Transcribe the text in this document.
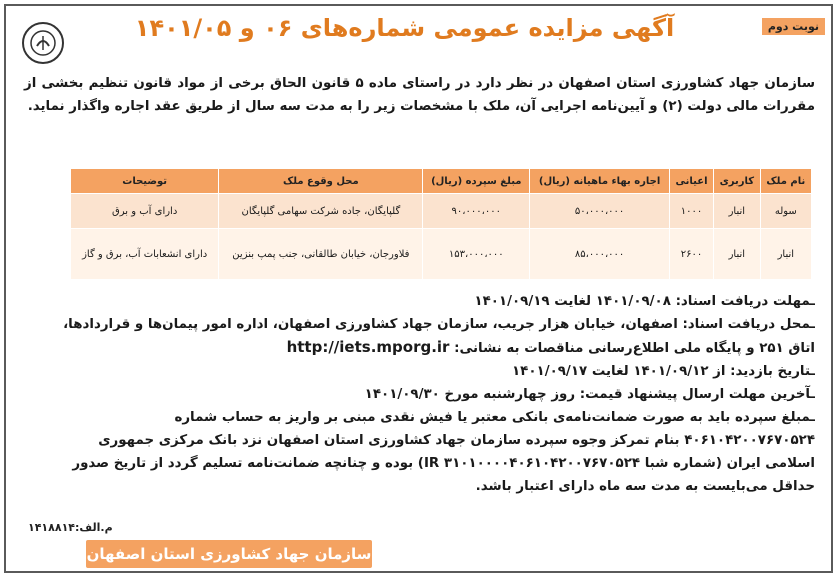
نوبت دوم
آگهی مزایده عمومی شماره‌های ۰۶ و ۱۴۰۱/۰۵
سازمان جهاد کشاورزی استان اصفهان در نظر دارد در راستای ماده ۵ قانون الحاق برخی از مواد قانون تنظیم بخشی از مقررات مالی دولت (۲) و آیین‌نامه اجرایی آن، ملک با مشخصات زیر را به مدت سه سال از طریق عقد اجاره واگذار نماید.
نام ملک	کاربری	اعیانی	اجاره بهاء ماهیانه (ریال)	مبلغ سپرده (ریال)	محل وقوع ملک	توضیحات
سوله	انبار	۱۰۰۰	۵۰،۰۰۰،۰۰۰	۹۰،۰۰۰،۰۰۰	گلپایگان، جاده شرکت سهامی گلپایگان	دارای آب و برق
انبار	انبار	۲۶۰۰	۸۵،۰۰۰،۰۰۰	۱۵۳،۰۰۰،۰۰۰	فلاورجان، خیابان طالقانی، جنب پمپ بنزین	دارای انشعابات آب، برق و گاز
ـمهلت دریافت اسناد: ۱۴۰۱/۰۹/۰۸ لغایت ۱۴۰۱/۰۹/۱۹
ـمحل دریافت اسناد: اصفهان، خیابان هزار جریب، سازمان جهاد کشاورزی اصفهان، اداره امور پیمان‌ها و قراردادها،
اتاق ۲۵۱ و پایگاه ملی اطلاع‌رسانی مناقصات به نشانی: http://iets.mporg.ir
ـتاریخ بازدید: از ۱۴۰۱/۰۹/۱۲ لغایت ۱۴۰۱/۰۹/۱۷
ـآخرین مهلت ارسال پیشنهاد قیمت: روز چهارشنبه مورخ ۱۴۰۱/۰۹/۳۰
ـمبلغ سپرده باید به صورت ضمانت‌نامه‌ی بانکی معتبر یا فیش نقدی مبنی بر واریز به حساب شماره
۴۰۶۱۰۴۲۰۰۷۶۷۰۵۲۴ بنام تمرکز وجوه سپرده سازمان جهاد کشاورزی استان اصفهان نزد بانک مرکزی جمهوری
اسلامی ایران (شماره شبا IR ۳۱۰۱۰۰۰۰۴۰۶۱۰۴۲۰۰۷۶۷۰۵۲۴) بوده و چنانچه ضمانت‌نامه تسلیم گردد از تاریخ صدور
حداقل می‌بایست به مدت سه ماه دارای اعتبار باشد.
م.الف:۱۴۱۸۸۱۴
سازمان جهاد کشاورزی استان اصفهان
